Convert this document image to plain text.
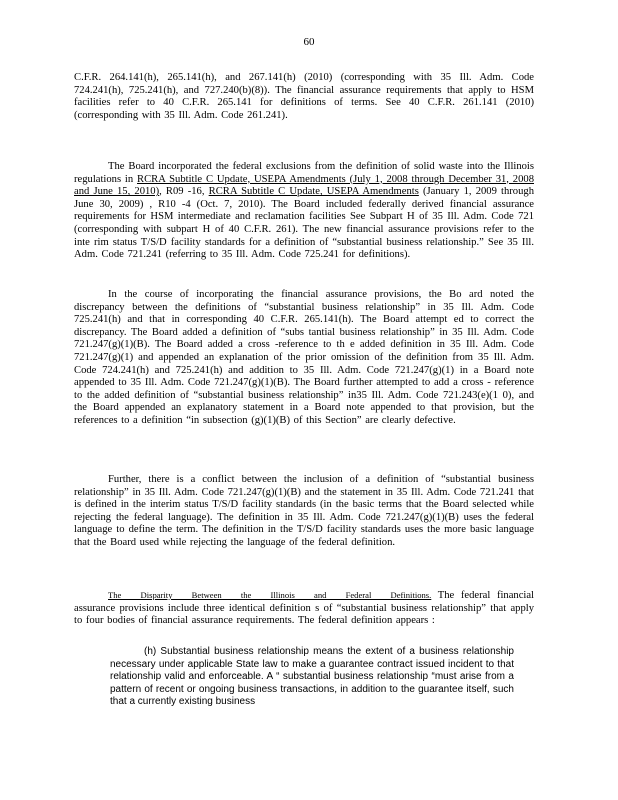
60

C.F.R. 264.141(h), 265.141(h), and 267.141(h) (2010) (corresponding with 35 Ill. Adm. Code 724.241(h), 725.241(h), and 727.240(b)(8)). The financial assurance requirements that apply to HSM facilities refer to 40 C.F.R. 265.141 for definitions of terms. See 40 C.F.R. 261.141 (2010) (corresponding with 35 Ill. Adm. Code 261.241).

The Board incorporated the federal exclusions from the definition of solid waste into the Illinois regulations in RCRA Subtitle C Update, USEPA Amendments (July 1, 2008 through December 31, 2008 and June 15, 2010), R09 -16, RCRA Subtitle C Update, USEPA Amendments (January 1, 2009 through June 30, 2009) , R10 -4 (Oct. 7, 2010). The Board included federally derived financial assurance requirements for HSM intermediate and reclamation facilities See Subpart H of 35 Ill. Adm. Code 721 (corresponding with subpart H of 40 C.F.R. 261). The new financial assurance provisions refer to the inte rim status T/S/D facility standards for a definition of “substantial business relationship.” See 35 Ill. Adm. Code 721.241 (referring to 35 Ill. Adm. Code 725.241 for definitions).

In the course of incorporating the financial assurance provisions, the Bo ard noted the discrepancy between the definitions of “substantial business relationship” in 35 Ill. Adm. Code 725.241(h) and that in corresponding 40 C.F.R. 265.141(h). The Board attempt ed to correct the discrepancy. The Board added a definition of “subs tantial business relationship” in 35 Ill. Adm. Code 721.247(g)(1)(B). The Board added a cross -reference to th e added definition in 35 Ill. Adm. Code 721.247(g)(1) and appended an explanation of the prior omission of the definition from 35 Ill. Adm. Code 724.241(h) and 725.241(h) and addition to 35 Ill. Adm. Code 721.247(g)(1) in a Board note appended to 35 Ill. Adm. Code 721.247(g)(1)(B). The Board further attempted to add a cross - reference to the added definition of “substantial business relationship” in35 Ill. Adm. Code 721.243(e)(1 0), and the Board appended an explanatory statement in a Board note appended to that provision, but the references to a definition “in subsection (g)(1)(B) of this Section” are clearly defective.

Further, there is a conflict between the inclusion of a definition of “substantial business relationship” in 35 Ill. Adm. Code 721.247(g)(1)(B) and the statement in 35 Ill. Adm. Code 721.241 that is defined in the interim status T/S/D facility standards (in the basic terms that the Board selected while rejecting the federal language). The definition in 35 Ill. Adm. Code 721.247(g)(1)(B) uses the federal language to define the term. The definition in the T/S/D facility standards uses the more basic language that the Board used while rejecting the language of the federal definition.

The Disparity Between the Illinois and Federal Definitions. The federal financial assurance provisions include three identical definition s of “substantial business relationship” that apply to four bodies of financial assurance requirements. The federal definition appears :

(h) Substantial business relationship means the extent of a business relationship necessary under applicable State law to make a guarantee contract issued incident to that relationship valid and enforceable. A “ substantial business relationship “must arise from a pattern of recent or ongoing business transactions, in addition to the guarantee itself, such that a currently existing business
